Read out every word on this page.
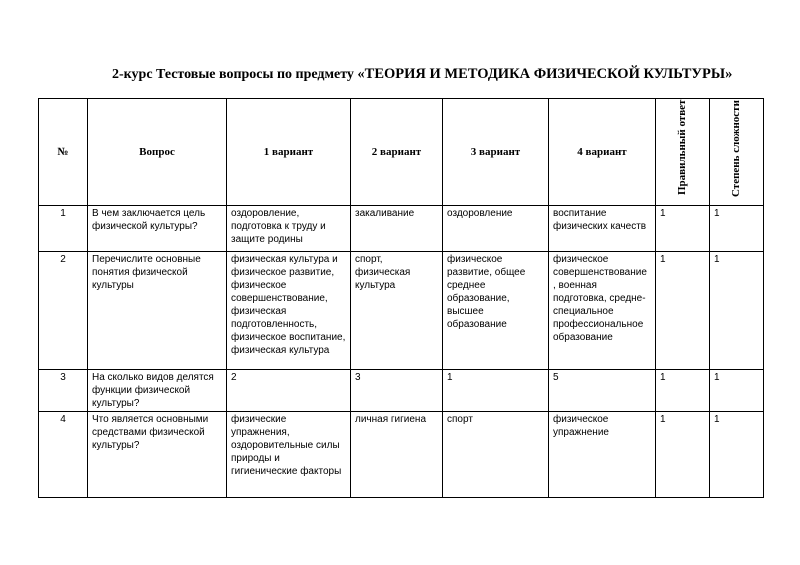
2-курс Тестовые вопросы по предмету «ТЕОРИЯ И МЕТОДИКА ФИЗИЧЕСКОЙ КУЛЬТУРЫ»
№	Вопрос	1 вариант	2 вариант	3 вариант	4 вариант	Правильный ответ	Степень сложности

1	В чем заключается цель физической культуры?	оздоровление, подготовка к труду и защите родины	закаливание	оздоровление	воспитание физических качеств	1	1
2	Перечислите основные понятия физической культуры	физическая культура и физическое развитие, физическое совершенствование, физическая подготовленность, физическое воспитание, физическая культура	спорт, физическая культура	физическое развитие, общее среднее образование, высшее образование	физическое совершенствование , военная подготовка, средне-специальное профессиональное образование	1	1
3	На сколько видов делятся функции физической культуры?	2	3	1	5	1	1
4	Что является основными средствами физической культуры?	физические упражнения, оздоровительные силы природы и гигиенические факторы	личная гигиена	спорт	физическое упражнение	1	1
